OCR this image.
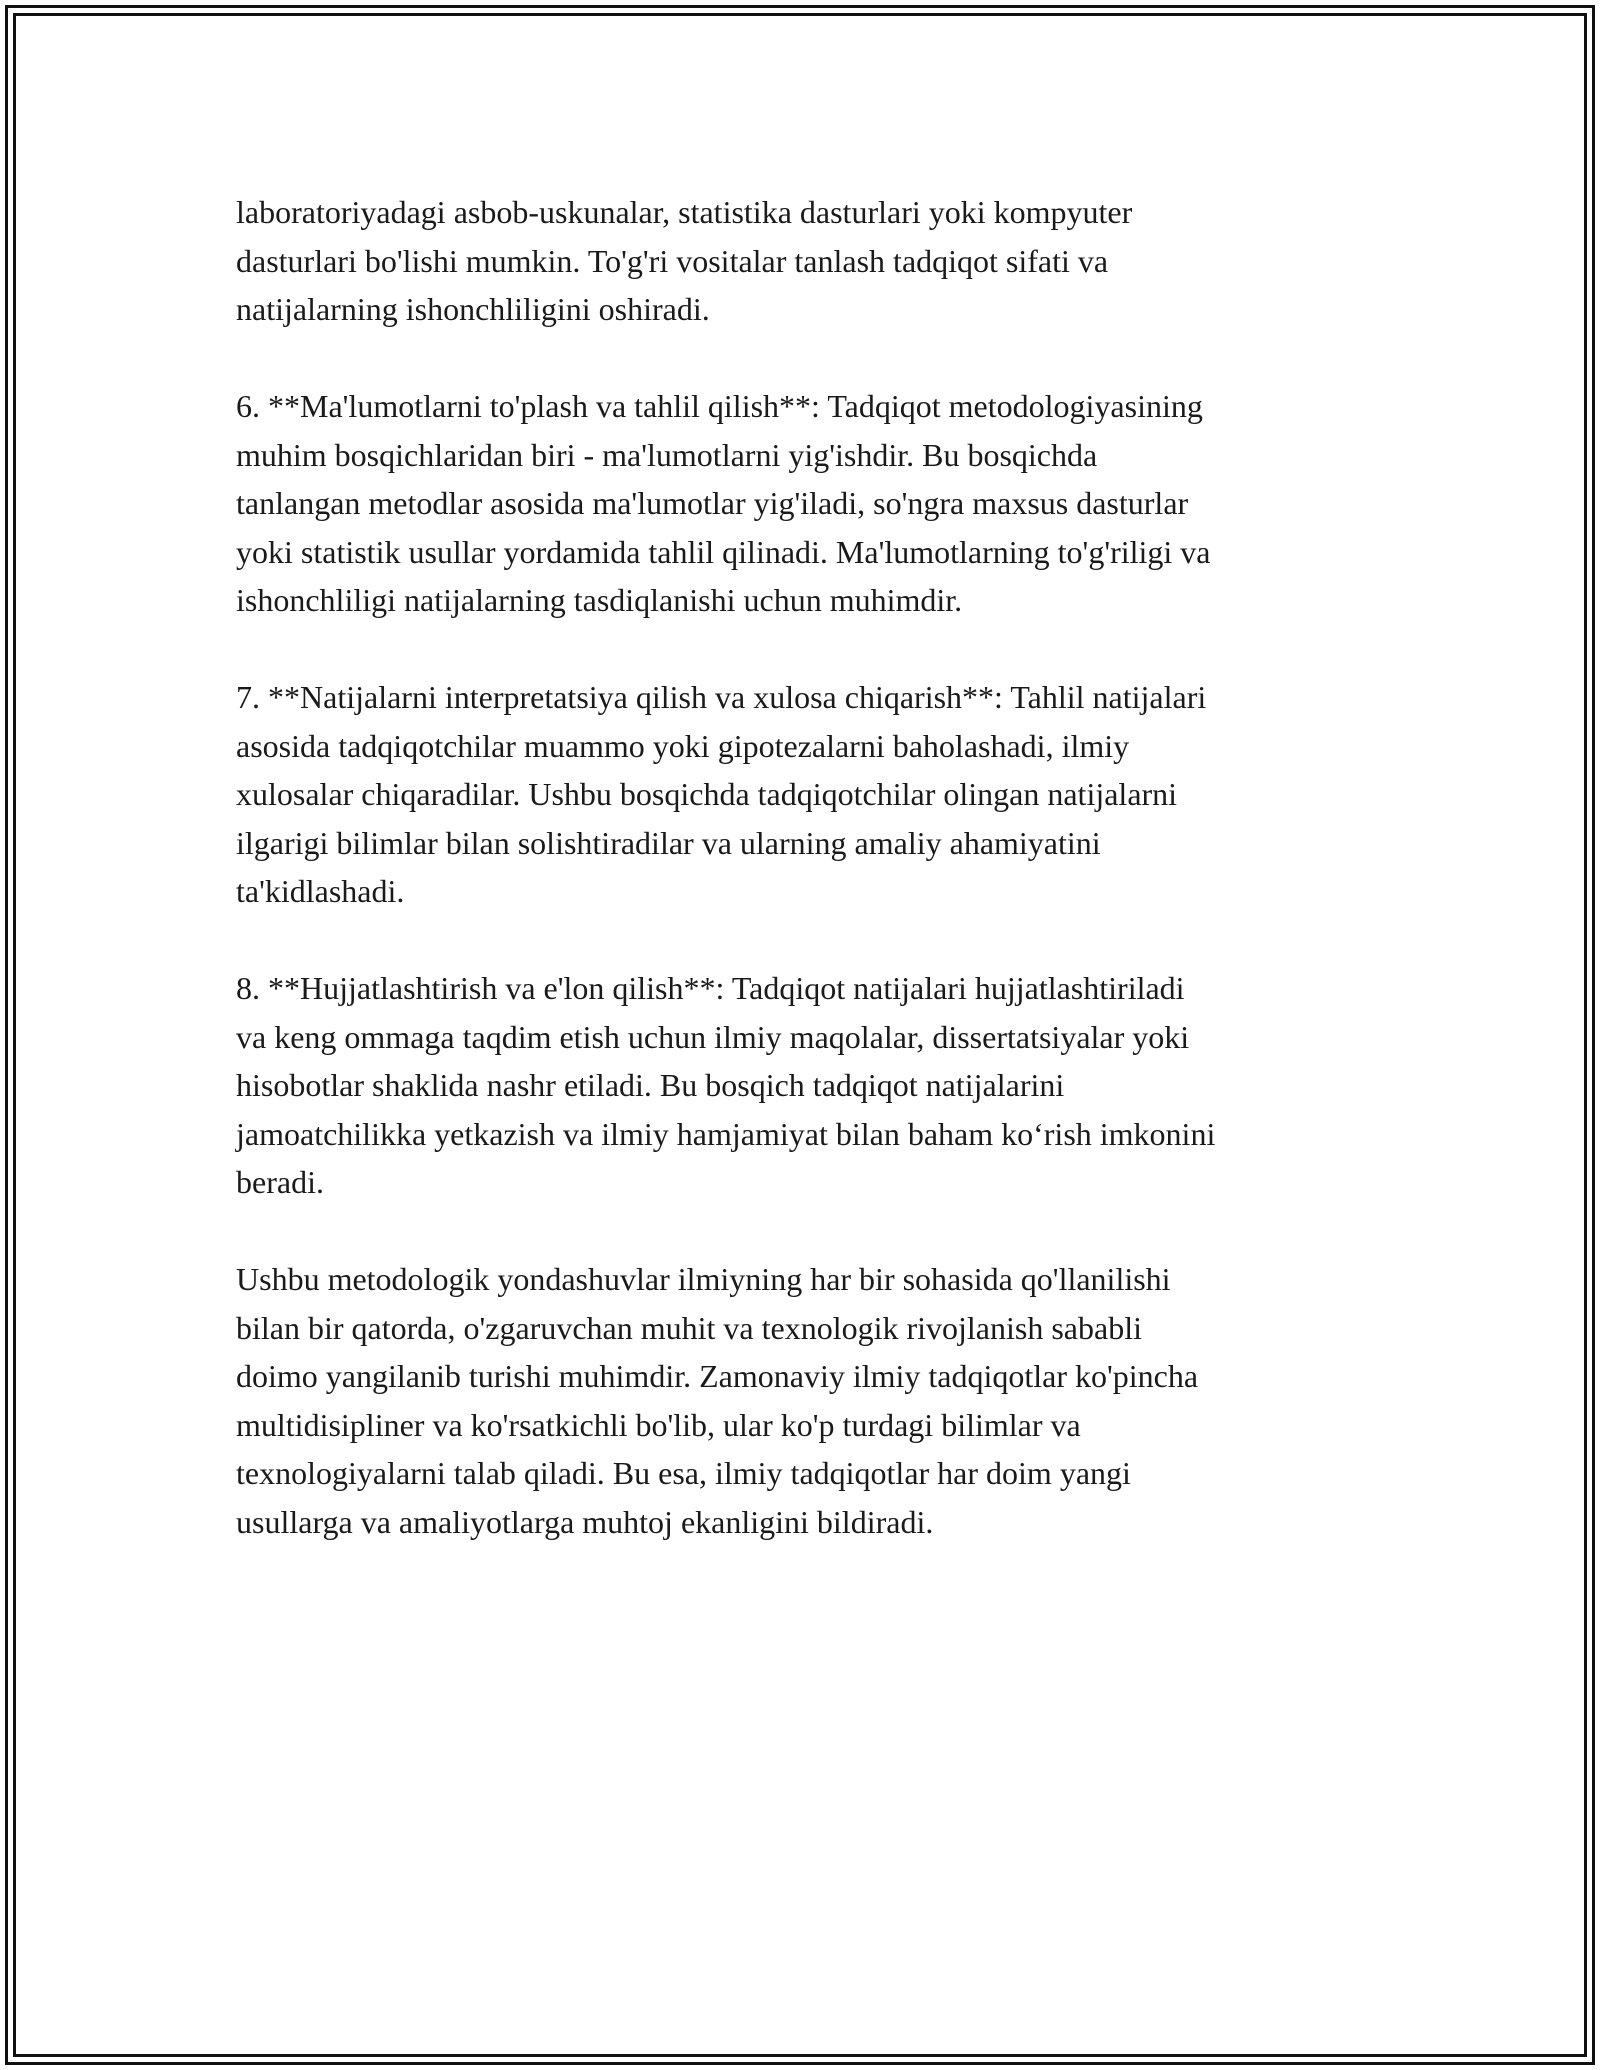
laboratoriyadagi asbob-uskunalar, statistika dasturlari yoki kompyuter
dasturlari bo'lishi mumkin. To'g'ri vositalar tanlash tadqiqot sifati va
natijalarning ishonchliligini oshiradi.

6. **Ma'lumotlarni to'plash va tahlil qilish**: Tadqiqot metodologiyasining
muhim bosqichlaridan biri - ma'lumotlarni yig'ishdir. Bu bosqichda
tanlangan metodlar asosida ma'lumotlar yig'iladi, so'ngra maxsus dasturlar
yoki statistik usullar yordamida tahlil qilinadi. Ma'lumotlarning to'g'riligi va
ishonchliligi natijalarning tasdiqlanishi uchun muhimdir.

7. **Natijalarni interpretatsiya qilish va xulosa chiqarish**: Tahlil natijalari
asosida tadqiqotchilar muammo yoki gipotezalarni baholashadi, ilmiy
xulosalar chiqaradilar. Ushbu bosqichda tadqiqotchilar olingan natijalarni
ilgarigi bilimlar bilan solishtiradilar va ularning amaliy ahamiyatini
ta'kidlashadi.

8. **Hujjatlashtirish va e'lon qilish**: Tadqiqot natijalari hujjatlashtiriladi
va keng ommaga taqdim etish uchun ilmiy maqolalar, dissertatsiyalar yoki
hisobotlar shaklida nashr etiladi. Bu bosqich tadqiqot natijalarini
jamoatchilikka yetkazish va ilmiy hamjamiyat bilan baham ko‘rish imkonini
beradi.

Ushbu metodologik yondashuvlar ilmiyning har bir sohasida qo'llanilishi
bilan bir qatorda, o'zgaruvchan muhit va texnologik rivojlanish sababli
doimo yangilanib turishi muhimdir. Zamonaviy ilmiy tadqiqotlar ko'pincha
multidisipliner va ko'rsatkichli bo'lib, ular ko'p turdagi bilimlar va
texnologiyalarni talab qiladi. Bu esa, ilmiy tadqiqotlar har doim yangi
usullarga va amaliyotlarga muhtoj ekanligini bildiradi.
